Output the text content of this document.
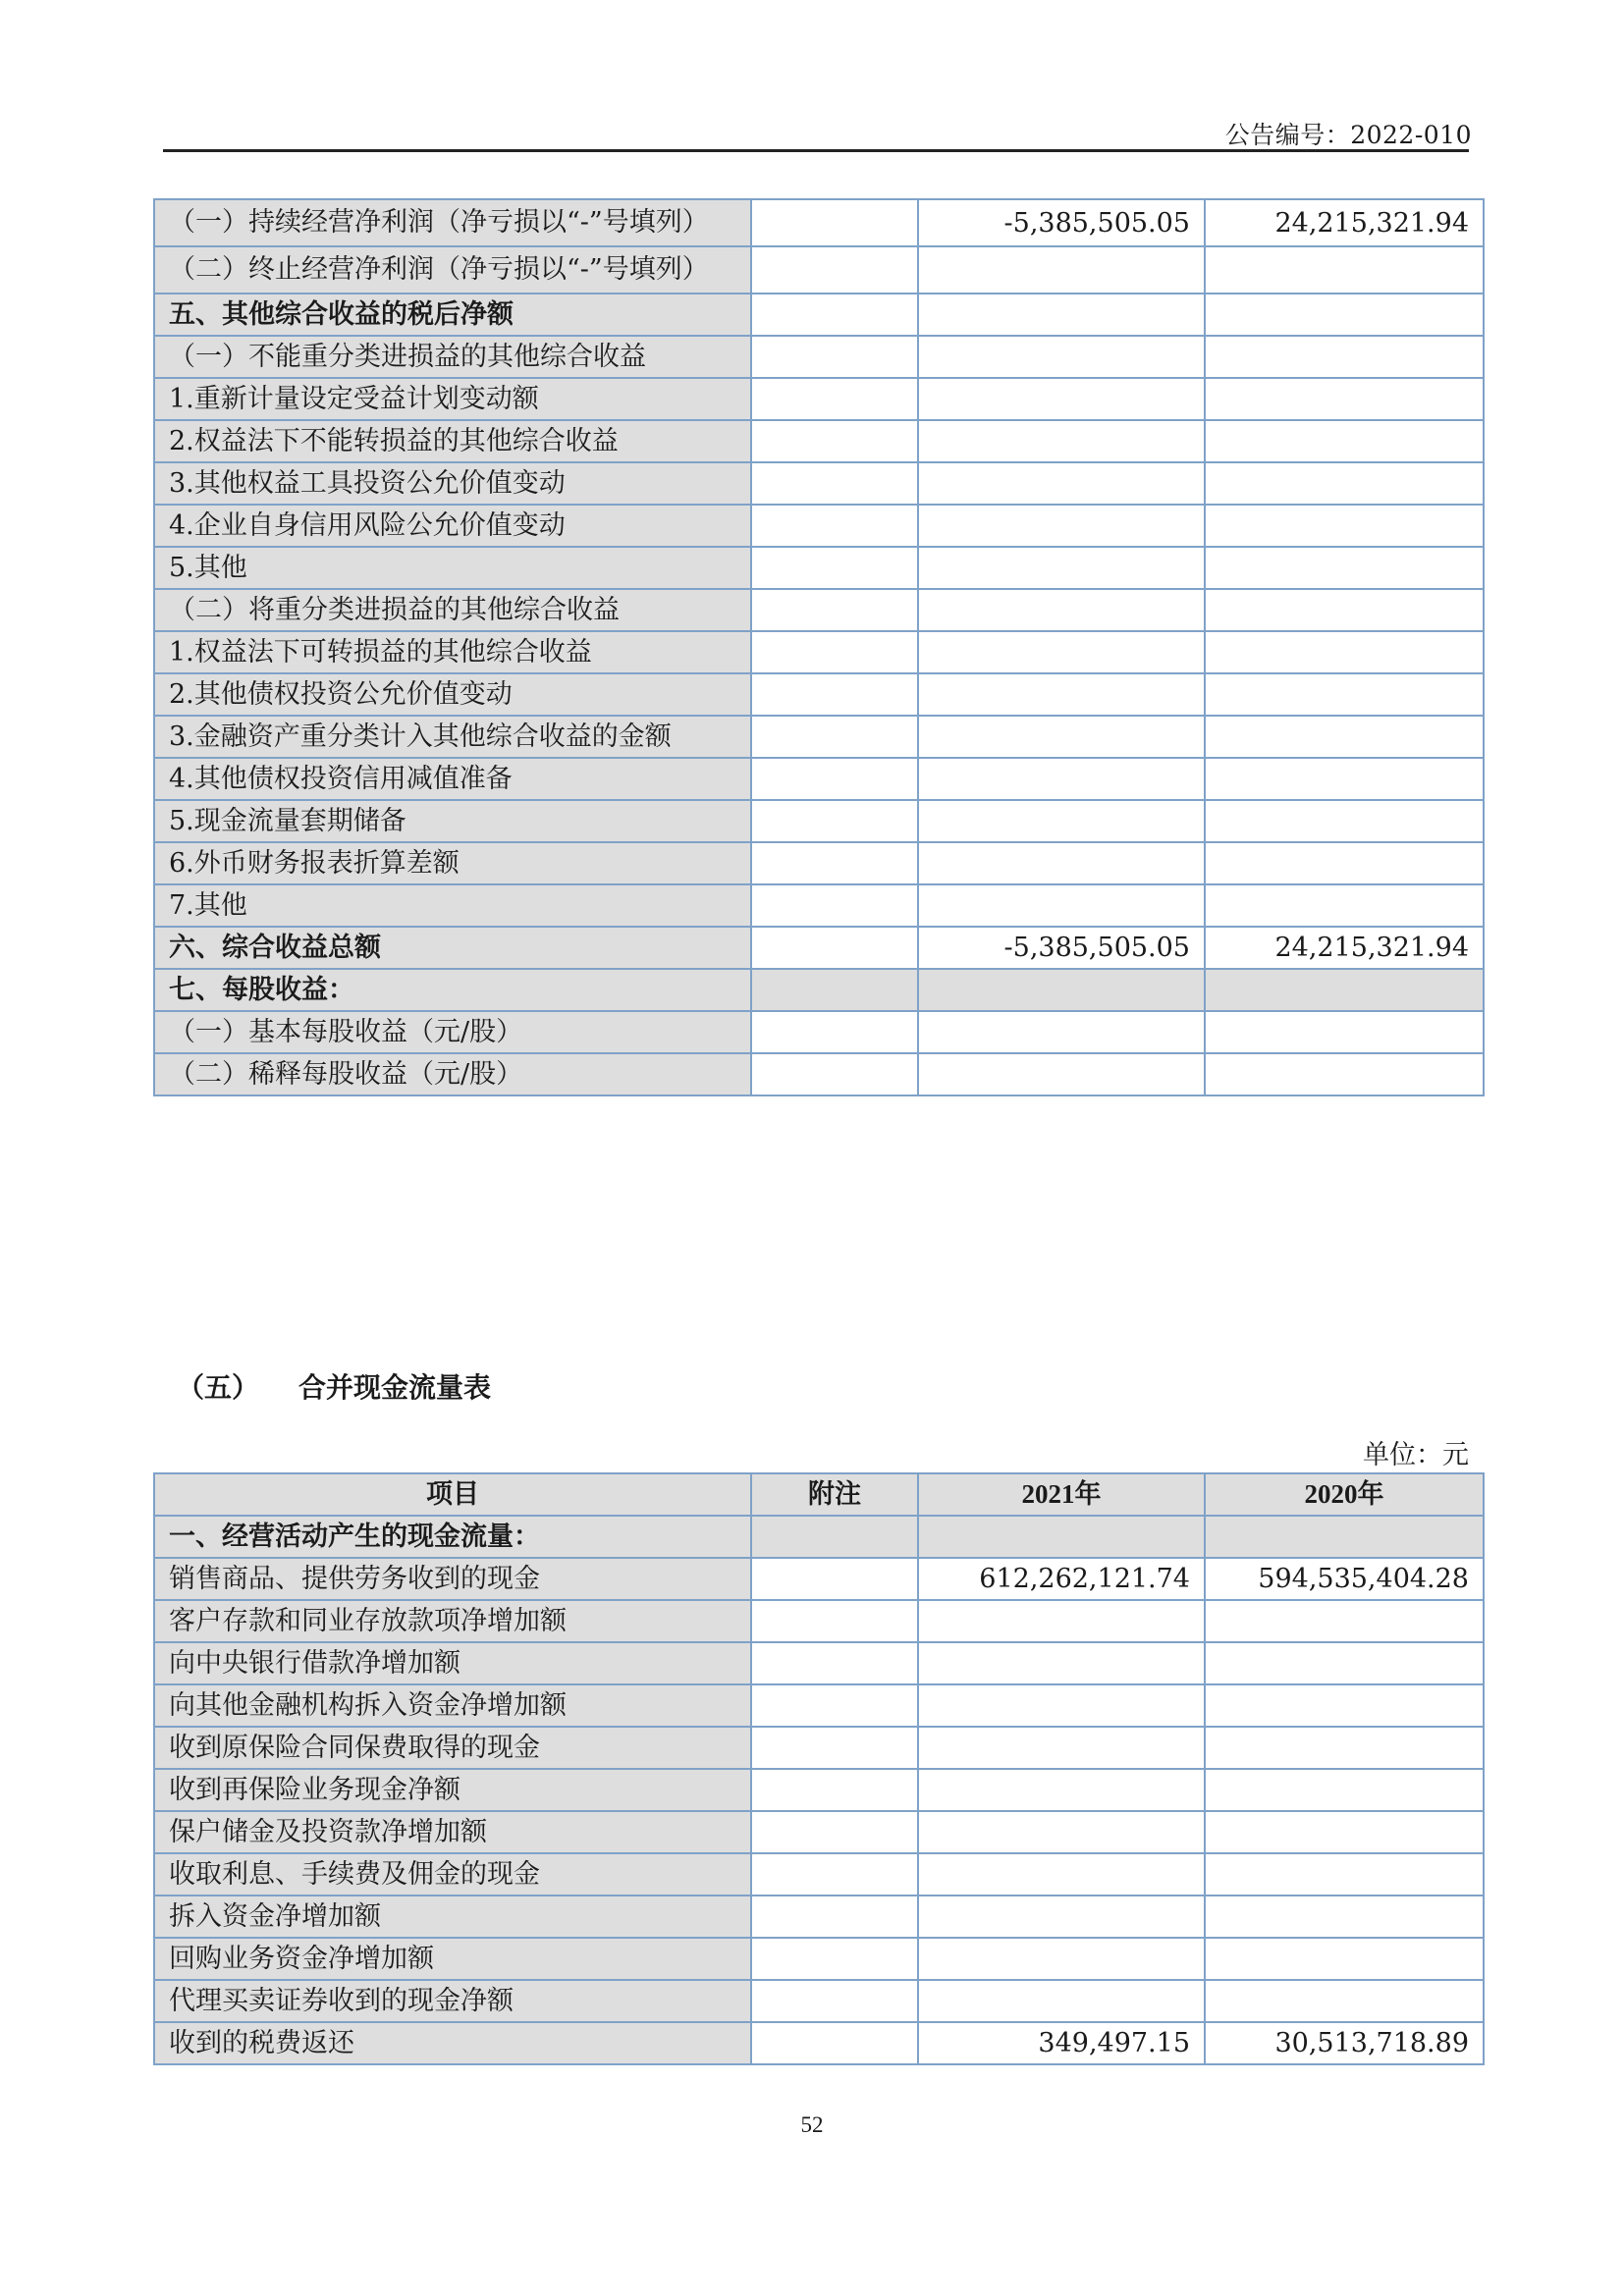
公告编号：2022-010
（一）持续经营净利润（净亏损以“-”号填列）		-5,385,505.05	24,215,321.94
（二）终止经营净利润（净亏损以“-”号填列）			
五、其他综合收益的税后净额			
（一）不能重分类进损益的其他综合收益			
1.重新计量设定受益计划变动额			
2.权益法下不能转损益的其他综合收益			
3.其他权益工具投资公允价值变动			
4.企业自身信用风险公允价值变动			
5.其他			
（二）将重分类进损益的其他综合收益			
1.权益法下可转损益的其他综合收益			
2.其他债权投资公允价值变动			
3.金融资产重分类计入其他综合收益的金额			
4.其他债权投资信用减值准备			
5.现金流量套期储备			
6.外币财务报表折算差额			
7.其他			
六、综合收益总额		-5,385,505.05	24,215,321.94
七、每股收益：			
（一）基本每股收益（元/股）			
（二）稀释每股收益（元/股）			
（五） 合并现金流量表
单位：元
项目	附注	2021年	2020年
一、经营活动产生的现金流量：			
销售商品、提供劳务收到的现金		612,262,121.74	594,535,404.28
客户存款和同业存放款项净增加额			
向中央银行借款净增加额			
向其他金融机构拆入资金净增加额			
收到原保险合同保费取得的现金			
收到再保险业务现金净额			
保户储金及投资款净增加额			
收取利息、手续费及佣金的现金			
拆入资金净增加额			
回购业务资金净增加额			
代理买卖证券收到的现金净额			
收到的税费返还		349,497.15	30,513,718.89
52
